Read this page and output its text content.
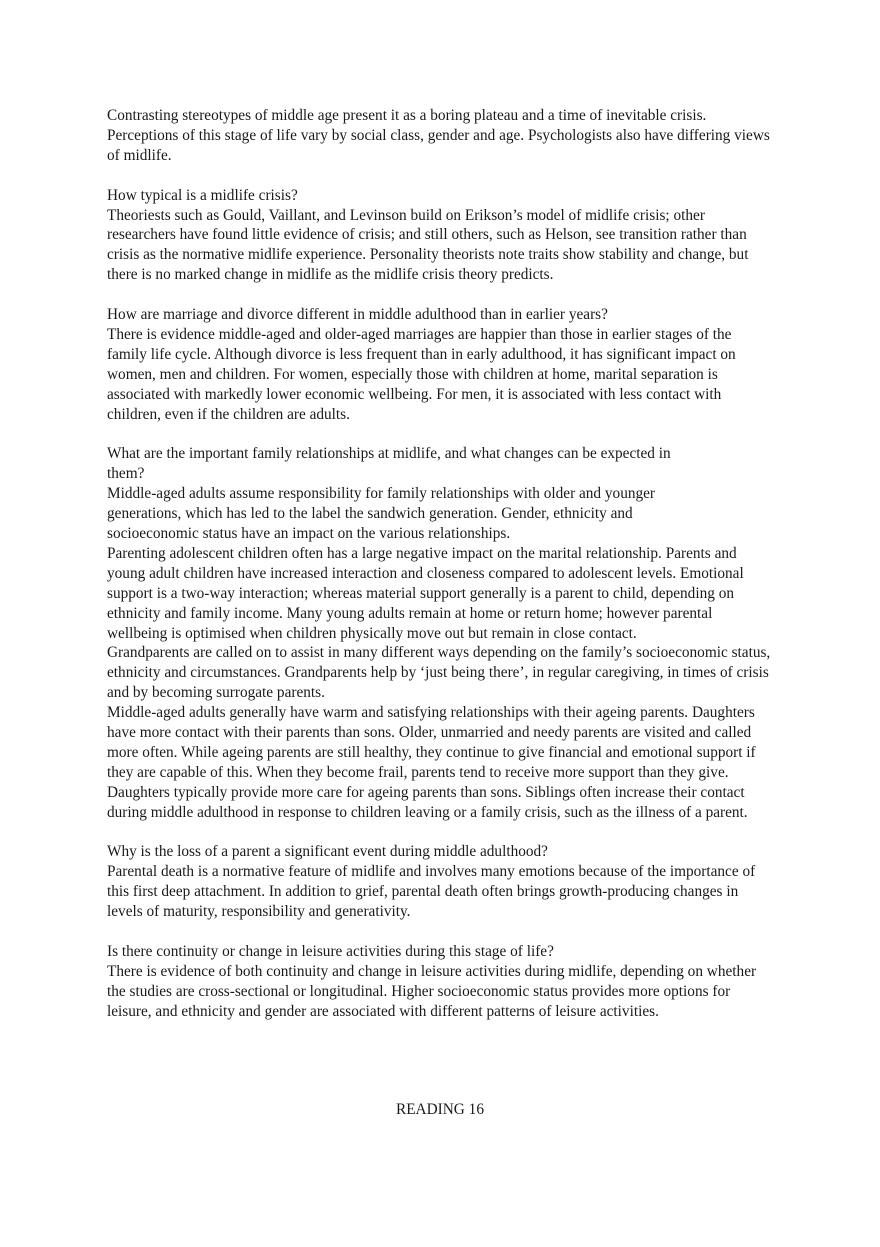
Contrasting stereotypes of middle age present it as a boring plateau and a time of inevitable crisis. Perceptions of this stage of life vary by social class, gender and age. Psychologists also have differing views of midlife.

How typical is a midlife crisis?

Theoriests such as Gould, Vaillant, and Levinson build on Erikson’s model of midlife crisis; other researchers have found little evidence of crisis; and still others, such as Helson, see transition rather than crisis as the normative midlife experience. Personality theorists note traits show stability and change, but there is no marked change in midlife as the midlife crisis theory predicts.

How are marriage and divorce different in middle adulthood than in earlier years?

There is evidence middle-aged and older-aged marriages are happier than those in earlier stages of the family life cycle. Although divorce is less frequent than in early adulthood, it has significant impact on women, men and children. For women, especially those with children at home, marital separation is associated with markedly lower economic wellbeing. For men, it is associated with less contact with children, even if the children are adults.

What are the important family relationships at midlife, and what changes can be expected in them?

Middle-aged adults assume responsibility for family relationships with older and younger generations, which has led to the label the sandwich generation. Gender, ethnicity and socioeconomic status have an impact on the various relationships.

Parenting adolescent children often has a large negative impact on the marital relationship. Parents and young adult children have increased interaction and closeness compared to adolescent levels. Emotional support is a two-way interaction; whereas material support generally is a parent to child, depending on ethnicity and family income. Many young adults remain at home or return home; however parental wellbeing is optimised when children physically move out but remain in close contact.

Grandparents are called on to assist in many different ways depending on the family’s socioeconomic status, ethnicity and circumstances. Grandparents help by ‘just being there’, in regular caregiving, in times of crisis and by becoming surrogate parents.

Middle-aged adults generally have warm and satisfying relationships with their ageing parents. Daughters have more contact with their parents than sons. Older, unmarried and needy parents are visited and called more often. While ageing parents are still healthy, they continue to give financial and emotional support if they are capable of this. When they become frail, parents tend to receive more support than they give. Daughters typically provide more care for ageing parents than sons. Siblings often increase their contact during middle adulthood in response to children leaving or a family crisis, such as the illness of a parent.

Why is the loss of a parent a significant event during middle adulthood?

Parental death is a normative feature of midlife and involves many emotions because of the importance of this first deep attachment. In addition to grief, parental death often brings growth-producing changes in levels of maturity, responsibility and generativity.

Is there continuity or change in leisure activities during this stage of life?

There is evidence of both continuity and change in leisure activities during midlife, depending on whether the studies are cross-sectional or longitudinal. Higher socioeconomic status provides more options for leisure, and ethnicity and gender are associated with different patterns of leisure activities.

READING 16
